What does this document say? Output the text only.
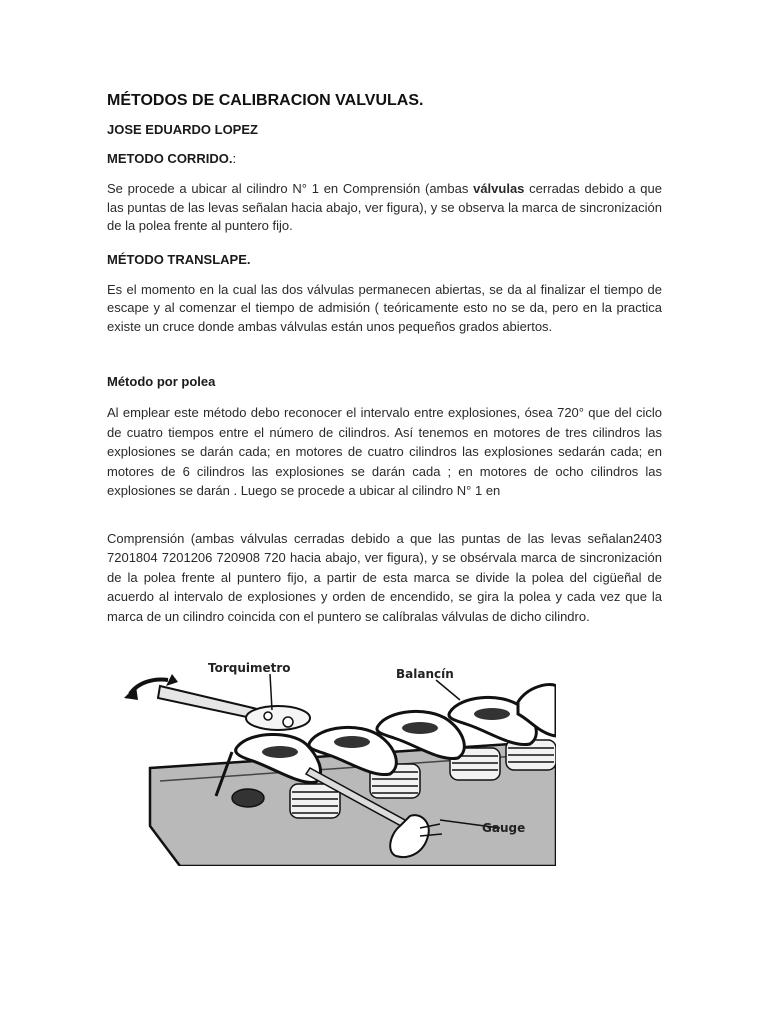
MÉTODOS DE CALIBRACION VALVULAS.
JOSE EDUARDO LOPEZ
METODO CORRIDO.:

Se procede a ubicar al cilindro N° 1 en Comprensión (ambas válvulas cerradas debido a que las puntas de las levas señalan hacia abajo, ver figura), y se observa la marca de sincronización de la polea frente al puntero fijo.

MÉTODO TRANSLAPE.

Es el momento en la cual las dos válvulas permanecen abiertas, se da al finalizar el tiempo de escape y al comenzar el tiempo de admisión ( teóricamente esto no se da, pero en la practica existe un cruce donde ambas válvulas están unos pequeños grados abiertos.

Método por polea

Al emplear este método debo reconocer el intervalo entre explosiones, ósea 720° que del ciclo de cuatro tiempos entre el número de cilindros. Así tenemos en motores de tres cilindros las explosiones se darán cada; en motores de cuatro cilindros las explosiones sedarán cada; en motores de 6 cilindros las explosiones se darán cada ; en motores de ocho cilindros las explosiones se darán . Luego se procede a ubicar al cilindro N° 1 en

Comprensión (ambas válvulas cerradas debido a que las puntas de las levas señalan2403 7201804 7201206 720908 720 hacia abajo, ver figura), y se obsérvala marca de sincronización de la polea frente al puntero fijo, a partir de esta marca se divide la polea del cigüeñal de acuerdo al intervalo de explosiones y orden de encendido, se gira la polea y cada vez que la marca de un cilindro coincida con el puntero se calíbralas válvulas de dicho cilindro.

Torquimetro	Balancín
Gauge
